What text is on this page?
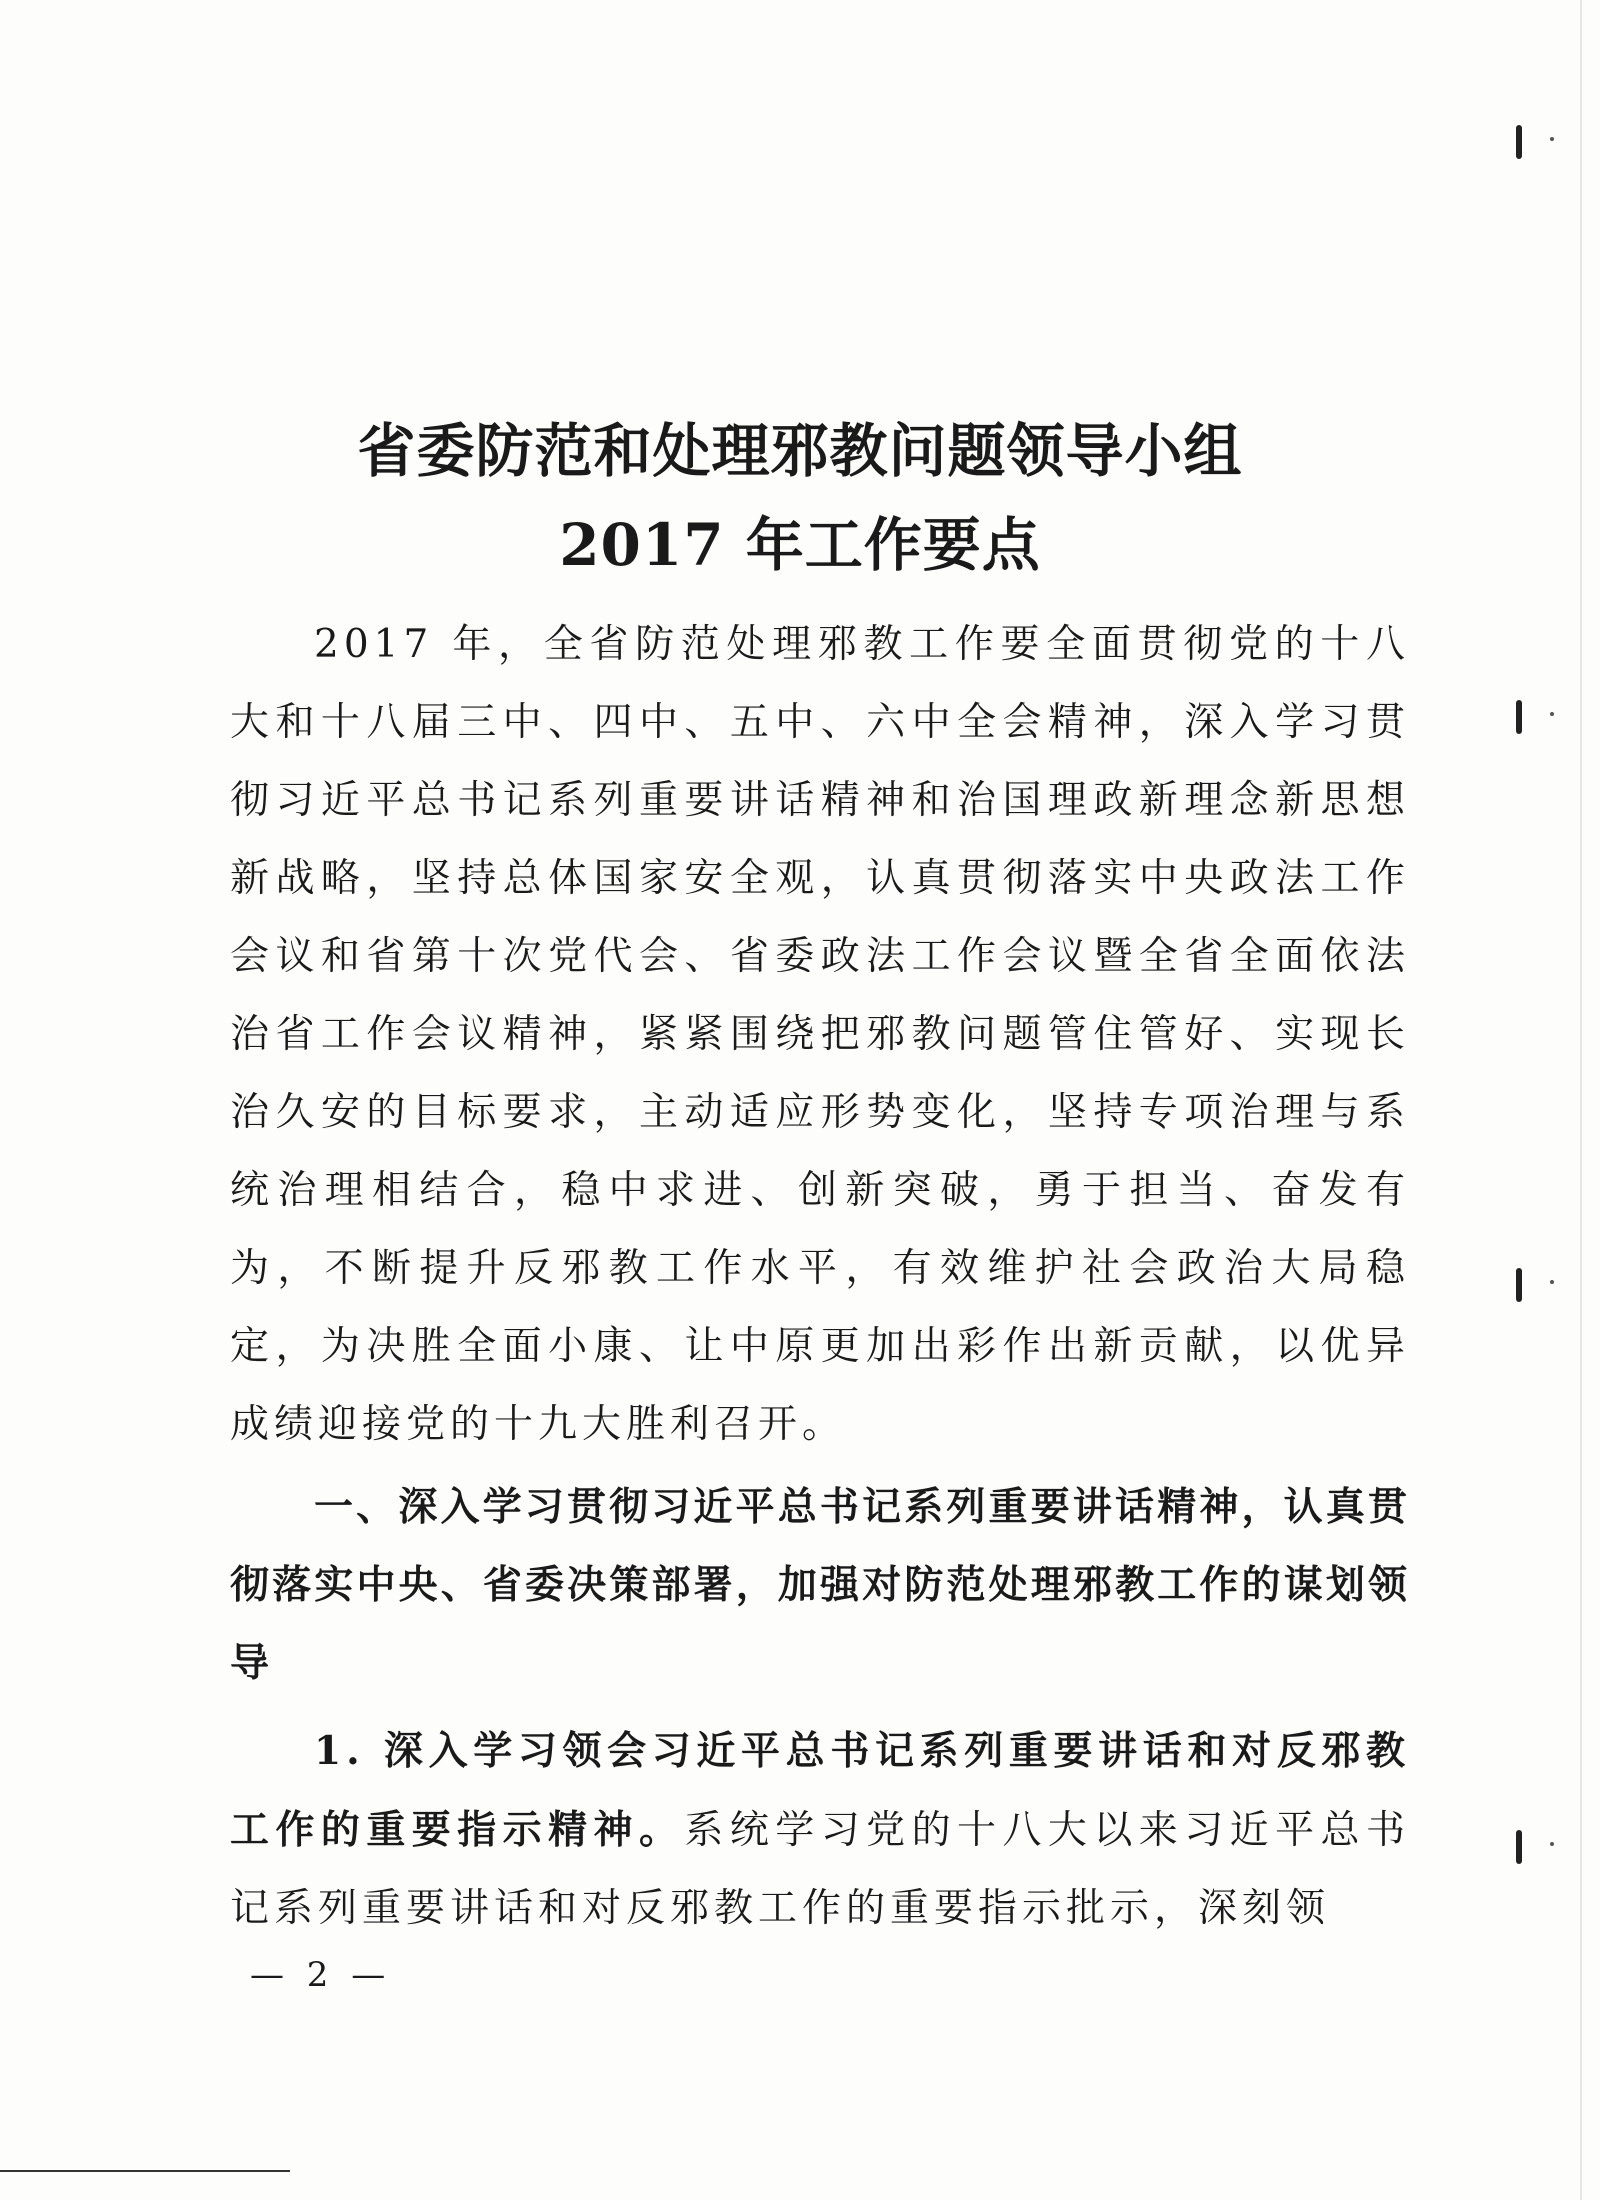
省委防范和处理邪教问题领导小组
2017 年工作要点

2017 年，全省防范处理邪教工作要全面贯彻党的十八大和十八届三中、四中、五中、六中全会精神，深入学习贯彻习近平总书记系列重要讲话精神和治国理政新理念新思想新战略，坚持总体国家安全观，认真贯彻落实中央政法工作会议和省第十次党代会、省委政法工作会议暨全省全面依法治省工作会议精神，紧紧围绕把邪教问题管住管好、实现长治久安的目标要求，主动适应形势变化，坚持专项治理与系统治理相结合，稳中求进、创新突破，勇于担当、奋发有为，不断提升反邪教工作水平，有效维护社会政治大局稳定，为决胜全面小康、让中原更加出彩作出新贡献，以优异成绩迎接党的十九大胜利召开。

一、深入学习贯彻习近平总书记系列重要讲话精神，认真贯彻落实中央、省委决策部署，加强对防范处理邪教工作的谋划领导

1. 深入学习领会习近平总书记系列重要讲话和对反邪教工作的重要指示精神。系统学习党的十八大以来习近平总书记系列重要讲话和对反邪教工作的重要指示批示，深刻领

— 2 —
